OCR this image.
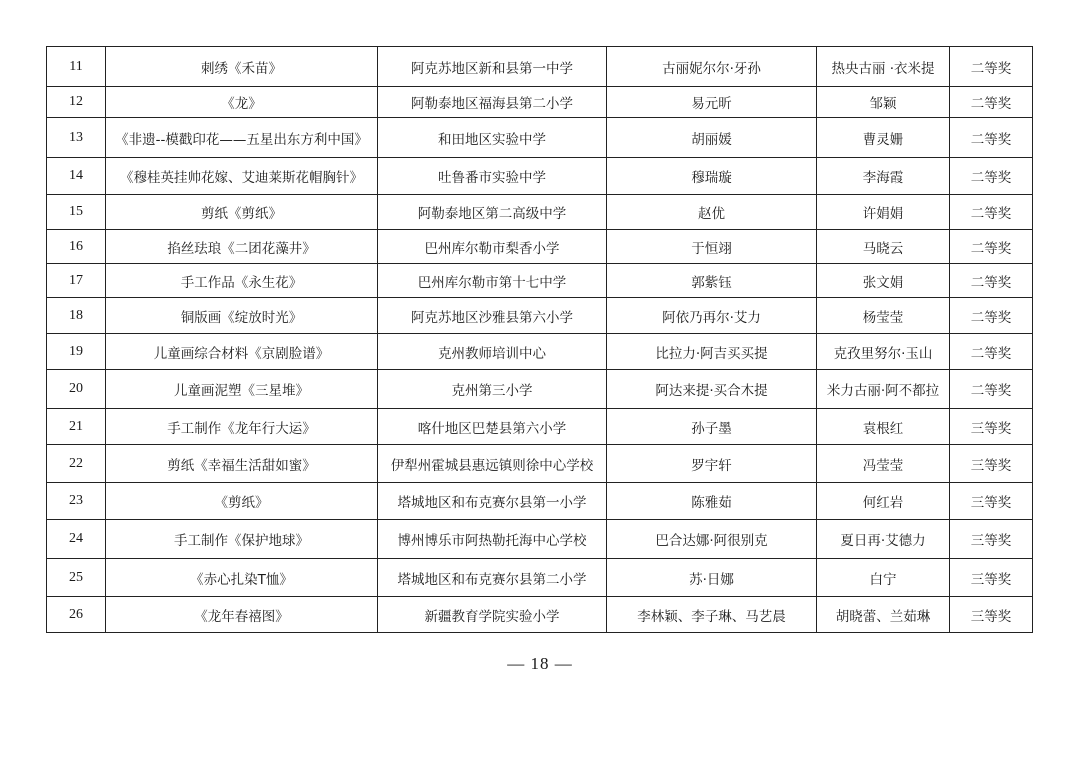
11	刺绣《禾苗》	阿克苏地区新和县第一中学	古丽妮尔尔·牙孙	热央古丽 ·衣米提	二等奖
12	《龙》	阿勒泰地区福海县第二小学	易元昕	邹颖	二等奖
13	《非遗--模戳印花——五星出东方利中国》	和田地区实验中学	胡丽媛	曹灵姗	二等奖
14	《穆桂英挂帅花嫁、艾迪莱斯花帽胸针》	吐鲁番市实验中学	穆瑞璇	李海霞	二等奖
15	剪纸《剪纸》	阿勒泰地区第二高级中学	赵优	许娟娟	二等奖
16	掐丝珐琅《二团花藻井》	巴州库尔勒市梨香小学	于恒翊	马晓云	二等奖
17	手工作品《永生花》	巴州库尔勒市第十七中学	郭紫钰	张文娟	二等奖
18	铜版画《绽放时光》	阿克苏地区沙雅县第六小学	阿依乃再尔·艾力	杨莹莹	二等奖
19	儿童画综合材料《京剧脸谱》	克州教师培训中心	比拉力·阿吉买买提	克孜里努尔·玉山	二等奖
20	儿童画泥塑《三星堆》	克州第三小学	阿达来提·买合木提	米力古丽·阿不都拉	二等奖
21	手工制作《龙年行大运》	喀什地区巴楚县第六小学	孙子墨	袁根红	三等奖
22	剪纸《幸福生活甜如蜜》	伊犁州霍城县惠远镇则徐中心学校	罗宇轩	冯莹莹	三等奖
23	《剪纸》	塔城地区和布克赛尔县第一小学	陈雅茹	何红岩	三等奖
24	手工制作《保护地球》	博州博乐市阿热勒托海中心学校	巴合达娜·阿很别克	夏日再·艾德力	三等奖
25	《赤心扎染T恤》	塔城地区和布克赛尔县第二小学	苏·日娜	白宁	三等奖
26	《龙年春禧图》	新疆教育学院实验小学	李林颖、李子琳、马艺晨	胡晓蕾、兰茹琳	三等奖
— 18 —
